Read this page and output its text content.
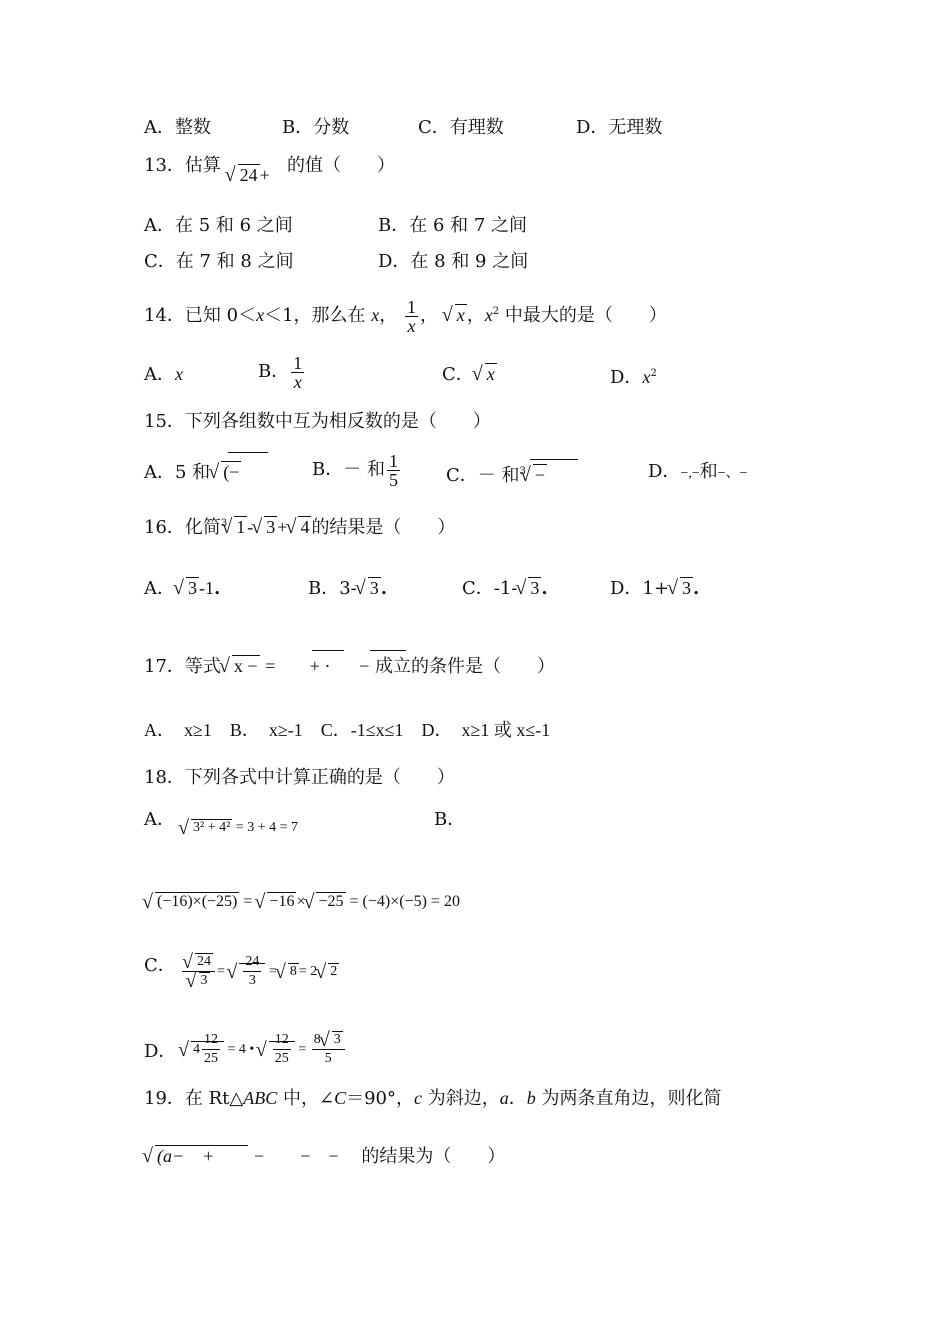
A．整数	B．分数	C．有理数	D．无理数
13．估算 √ 24 + 的值（　　）
A．在 5 和 6 之间	B．在 6 和 7 之间
C．在 7 和 8 之间	D．在 8 和 9 之间
14．已知 0＜x＜1，那么在 x， $\frac{1}{x}$ ， √ x ，$x^2$ 中最大的是（　　）
A．x	B． $\frac{1}{x}$	C． √ x	D．$x^2$
15．下列各组数中互为相反数的是（　　）
A．5 和 √ (−	B．－ 和 $\frac{1}{5}$	C．－ 和$^3$ √ −	D．−,−和−、−
16．化简$^3$ √ 1 - √ 3 + √ 4 的结果是（　　）
A． √ 3 -1.	B．3- √ 3 .	C．-1- √ 3 .	D．1+ √ 3 .
17．等式 √ x − = + · − 成立的条件是（　　）
A．　x≥1　B．　x≥-1　C．-1≤x≤1　D．　x≥1 或 x≤-1
18．下列各式中计算正确的是（　　）
A．	√ 3² + 4² = 3 + 4 = 7	B．
√ (−16)×(−25) = √ −16 × √ −25 = (−4)×(−5) = 20
C． √ 24
√ 3 = √ $\frac{24}{3}$ = √ 8 = 2 √ 2
D．	√ $4 \frac{12}{25} = 4$ • √ $\frac{12}{25} = \frac{8 √ 3}{5}$
19．在 Rt△ABC 中，∠C＝90°，c 为斜边，a．b 为两条直角边，则化简
√ (a−　+ −　　−　− 的结果为（　　）
